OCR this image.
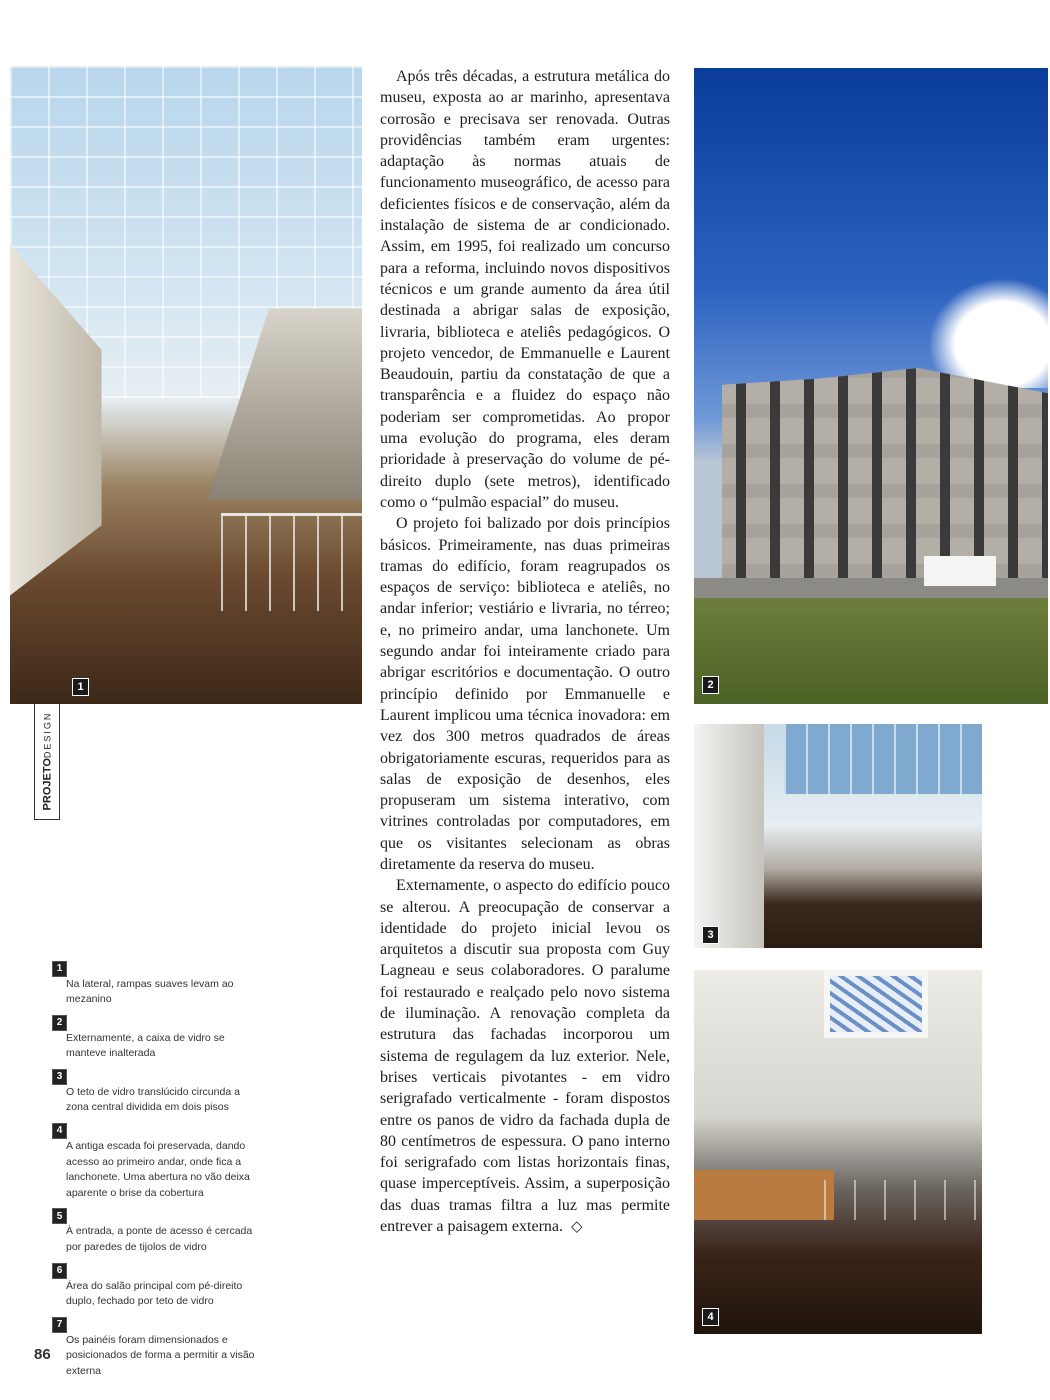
PROJETODESIGN
1	2
3
4

Após três décadas, a estrutura metálica do museu, exposta ao ar marinho, apresentava corrosão e precisava ser renovada. Outras providências também eram urgentes: adaptação às normas atuais de funcionamento museográfico, de acesso para deficientes físicos e de conservação, além da instalação de sistema de ar condicionado. Assim, em 1995, foi realizado um concurso para a reforma, incluindo novos dispositivos técnicos e um grande aumento da área útil destinada a abrigar salas de exposição, livraria, biblioteca e ateliês pedagógicos. O projeto vencedor, de Emmanuelle e Laurent Beaudouin, partiu da constatação de que a transparência e a fluidez do espaço não poderiam ser comprometidas. Ao propor uma evolução do programa, eles deram prioridade à preservação do volume de pé-direito duplo (sete metros), identificado como o “pulmão espacial” do museu.

O projeto foi balizado por dois princípios básicos. Primeiramente, nas duas primeiras tramas do edifício, foram reagrupados os espaços de serviço: biblioteca e ateliês, no andar inferior; vestiário e livraria, no térreo; e, no primeiro andar, uma lanchonete. Um segundo andar foi inteiramente criado para abrigar escritórios e documentação. O outro princípio definido por Emmanuelle e Laurent implicou uma técnica inovadora: em vez dos 300 metros quadrados de áreas obrigatoriamente escuras, requeridos para as salas de exposição de desenhos, eles propuseram um sistema interativo, com vitrines controladas por computadores, em que os visitantes selecionam as obras diretamente da reserva do museu.

Externamente, o aspecto do edifício pouco se alterou. A preocupação de conservar a identidade do projeto inicial levou os arquitetos a discutir sua proposta com Guy Lagneau e seus colaboradores. O paralume foi restaurado e realçado pelo novo sistema de iluminação. A renovação completa da estrutura das fachadas incorporou um sistema de regulagem da luz exterior. Nele, brises verticais pivotantes - em vidro serigrafado verticalmente - foram dispostos entre os panos de vidro da fachada dupla de 80 centímetros de espessura. O pano interno foi serigrafado com listas horizontais finas, quase imperceptíveis. Assim, a superposição das duas tramas filtra a luz mas permite entrever a paisagem externa. ◇

1
Na lateral, rampas suaves levam ao mezanino
2
Externamente, a caixa de vidro se manteve inalterada
3
O teto de vidro translúcido circunda a zona central dividida em dois pisos
4
A antiga escada foi preservada, dando acesso ao primeiro andar, onde fica a lanchonete. Uma abertura no vão deixa aparente o brise da cobertura
5
À entrada, a ponte de acesso é cercada por paredes de tijolos de vidro
6
Área do salão principal com pé-direito duplo, fechado por teto de vidro
7
Os painéis foram dimensionados e posicionados de forma a permitir a visão externa
86
